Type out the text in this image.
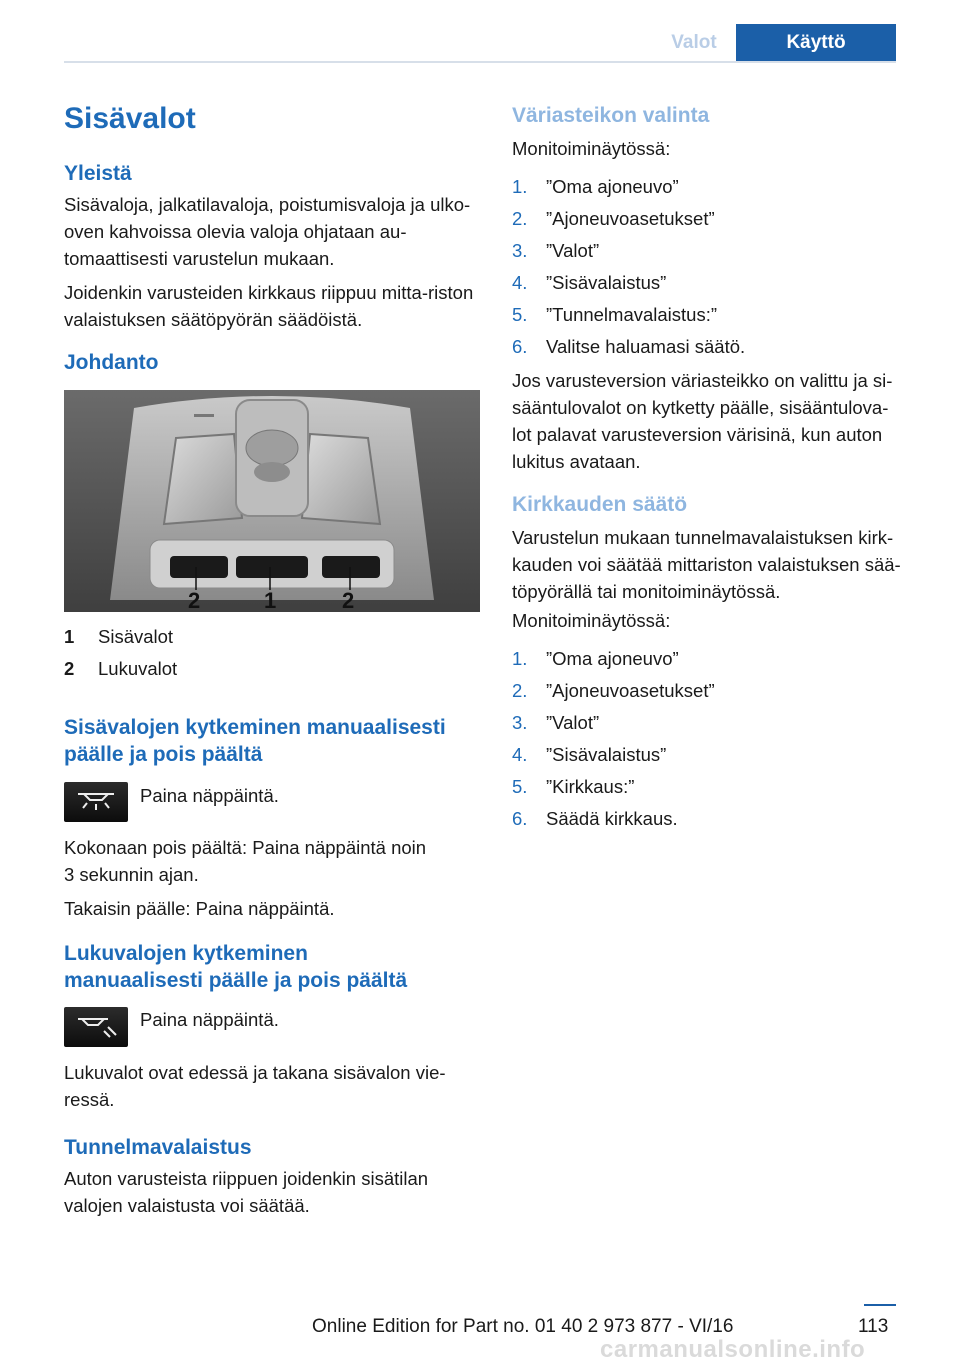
Valot	Käyttö
Sisävalot
Yleistä

Sisävaloja, jalkatilavaloja, poistumisvaloja ja ulko-oven kahvoissa olevia valoja ohjataan au-tomaattisesti varustelun mukaan.

Joidenkin varusteiden kirkkaus riippuu mitta-riston valaistuksen säätöpyörän säädöistä.

Johdanto
2	1	2
1 Sisävalot
2 Lukuvalot
Sisävalojen kytkeminen manuaalisesti
päälle ja pois päältä
Paina näppäintä.

Kokonaan pois päältä: Paina näppäintä noin

3 sekunnin ajan.

Takaisin päälle: Paina näppäintä.

Lukuvalojen kytkeminen
manuaalisesti päälle ja pois päältä
Paina näppäintä.

Lukuvalot ovat edessä ja takana sisävalon vie-

ressä.

Tunnelmavalaistus

Auton varusteista riippuen joidenkin sisätilan

valojen valaistusta voi säätää.

Väriasteikon valinta
Monitoiminäytössä:
1. ”Oma ajoneuvo”
2. ”Ajoneuvoasetukset”
3. ”Valot”
4. ”Sisävalaistus”
5. ”Tunnelmavalaistus:”
6. Valitse haluamasi säätö.

Jos varusteversion väriasteikko on valittu ja si-

sääntulovalot on kytketty päälle, sisääntulova-

lot palavat varusteversion värisinä, kun auton

lukitus avataan.

Kirkkauden säätö

Varustelun mukaan tunnelmavalaistuksen kirk-

kauden voi säätää mittariston valaistuksen sää-

töpyörällä tai monitoiminäytössä.

Monitoiminäytössä:
1. ”Oma ajoneuvo”
2. ”Ajoneuvoasetukset”
3. ”Valot”
4. ”Sisävalaistus”
5. ”Kirkkaus:”
6. Säädä kirkkaus.
113
Online Edition for Part no. 01 40 2 973 877 - VI/16
carmanualsonline.info
